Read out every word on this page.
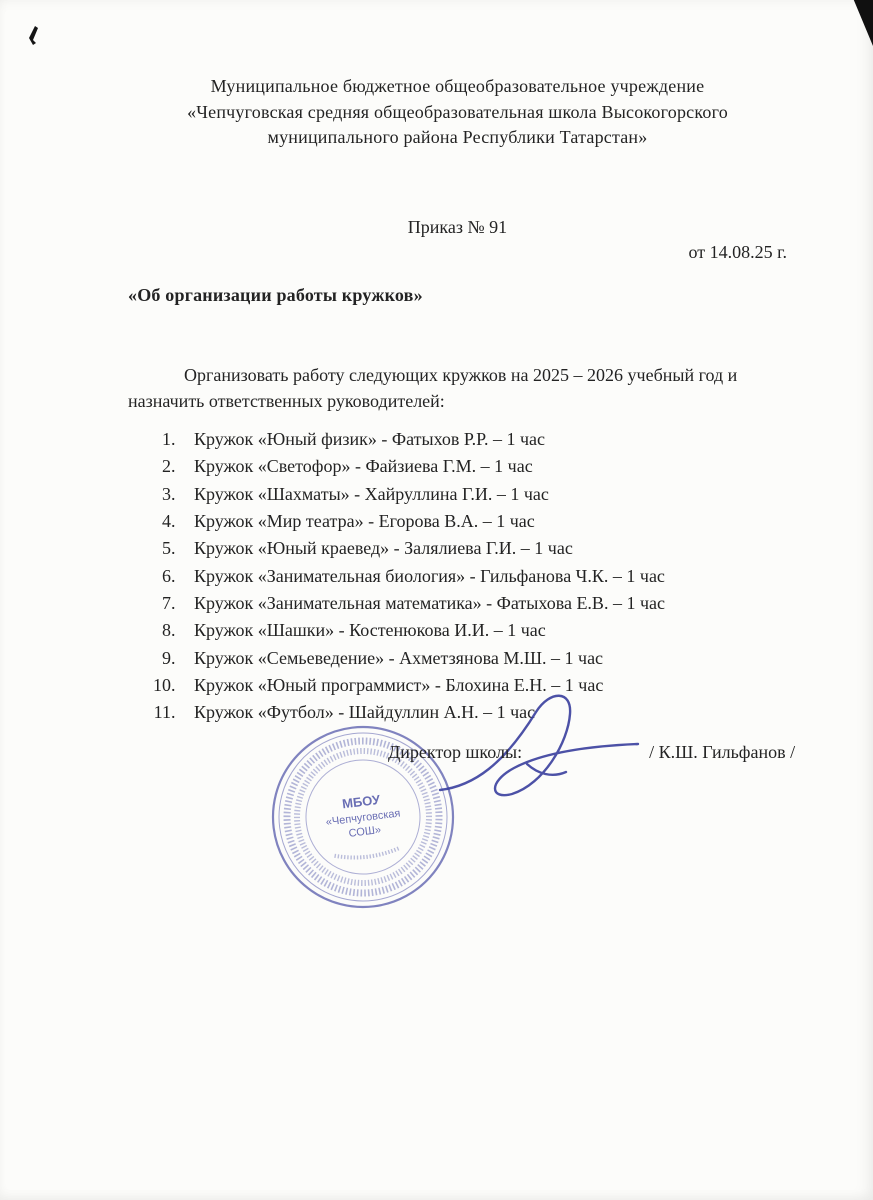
Муниципальное бюджетное общеобразовательное учреждение
«Чепчуговская средняя общеобразовательная школа Высокогорского
муниципального района Республики Татарстан»
Приказ № 91
от 14.08.25 г.
«Об организации работы кружков»
Организовать работу следующих кружков на 2025 – 2026 учебный год и назначить ответственных руководителей:
1. Кружок «Юный физик» - Фатыхов Р.Р. – 1 час
2. Кружок «Светофор» - Файзиева Г.М. – 1 час
3. Кружок «Шахматы» - Хайруллина Г.И. – 1 час
4. Кружок «Мир театра» - Егорова В.А. – 1 час
5. Кружок «Юный краевед» - Залялиева Г.И. – 1 час
6. Кружок «Занимательная биология» - Гильфанова Ч.К. – 1 час
7. Кружок «Занимательная математика» - Фатыхова Е.В. – 1 час
8. Кружок «Шашки» - Костенюкова И.И. – 1 час
9. Кружок «Семьеведение» - Ахметзянова М.Ш. – 1 час
10. Кружок «Юный программист» - Блохина Е.Н. – 1 час
11. Кружок «Футбол» - Шайдуллин А.Н. – 1 час
МБОУ
«Чепчуговская
СОШ»
Директор школы:	/ К.Ш. Гильфанов /
